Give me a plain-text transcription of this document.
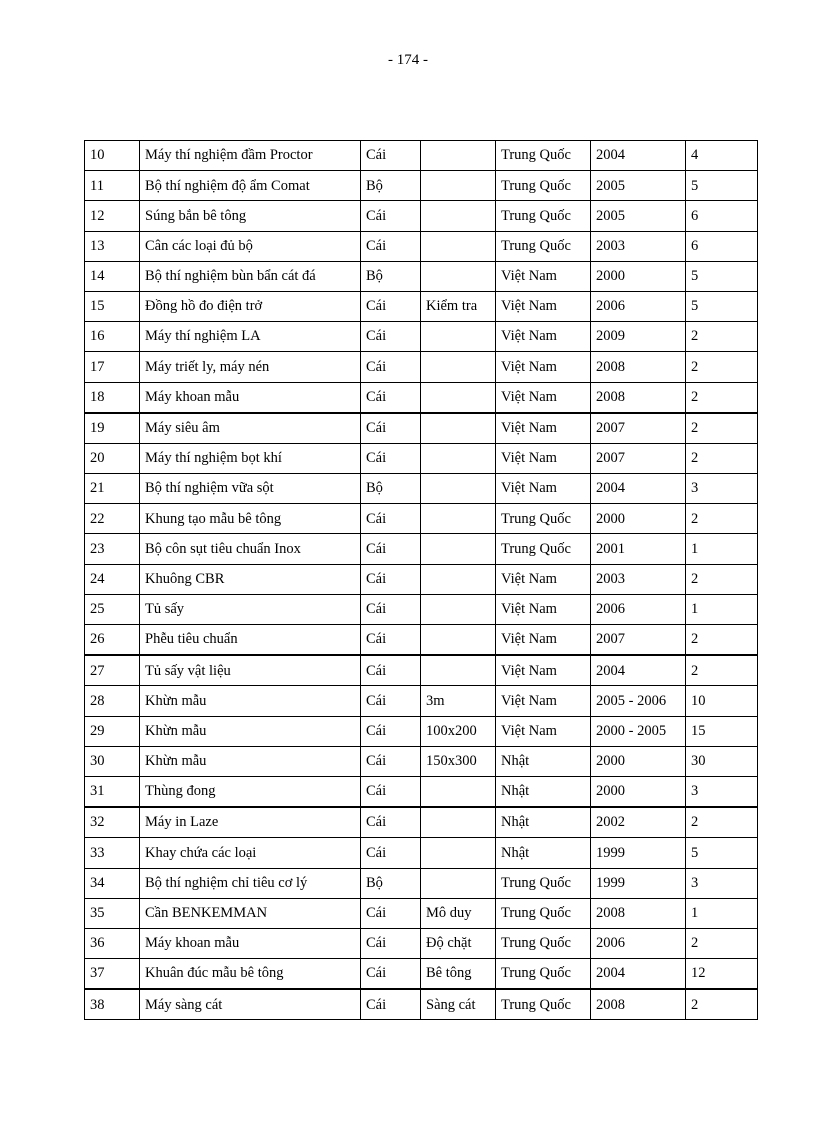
- 174 -
10	Máy thí nghiệm đầm Proctor	Cái		Trung Quốc	2004	4
11	Bộ thí nghiệm độ ẩm Comat	Bộ		Trung Quốc	2005	5
12	Súng bắn bê tông	Cái		Trung Quốc	2005	6
13	Cân các loại đủ bộ	Cái		Trung Quốc	2003	6
14	Bộ thí nghiệm bùn bẩn cát đá	Bộ		Việt Nam	2000	5
15	Đồng hồ đo điện trở	Cái	Kiểm tra	Việt Nam	2006	5
16	Máy thí nghiệm LA	Cái		Việt Nam	2009	2
17	Máy triết ly, máy nén	Cái		Việt Nam	2008	2
18	Máy khoan mẫu	Cái		Việt Nam	2008	2
19	Máy siêu âm	Cái		Việt Nam	2007	2
20	Máy thí nghiệm bọt khí	Cái		Việt Nam	2007	2
21	Bộ thí nghiệm vữa sột	Bộ		Việt Nam	2004	3
22	Khung tạo mẫu bê tông	Cái		Trung Quốc	2000	2
23	Bộ côn sụt tiêu chuẩn Inox	Cái		Trung Quốc	2001	1
24	Khuông CBR	Cái		Việt Nam	2003	2
25	Tủ sấy	Cái		Việt Nam	2006	1
26	Phễu tiêu chuẩn	Cái		Việt Nam	2007	2
27	Tủ sấy vật liệu	Cái		Việt Nam	2004	2
28	Khừn mẫu	Cái	3m	Việt Nam	2005 - 2006	10
29	Khừn mẫu	Cái	100x200	Việt Nam	2000 - 2005	15
30	Khừn mẫu	Cái	150x300	Nhật	2000	30
31	Thùng đong	Cái		Nhật	2000	3
32	Máy in Laze	Cái		Nhật	2002	2
33	Khay chứa các loại	Cái		Nhật	1999	5
34	Bộ thí nghiệm chỉ tiêu cơ lý	Bộ		Trung Quốc	1999	3
35	Cần BENKEMMAN	Cái	Mô duy	Trung Quốc	2008	1
36	Máy khoan mẫu	Cái	Độ chặt	Trung Quốc	2006	2
37	Khuân đúc mẫu bê tông	Cái	Bê tông	Trung Quốc	2004	12
38	Máy sàng cát	Cái	Sàng cát	Trung Quốc	2008	2
